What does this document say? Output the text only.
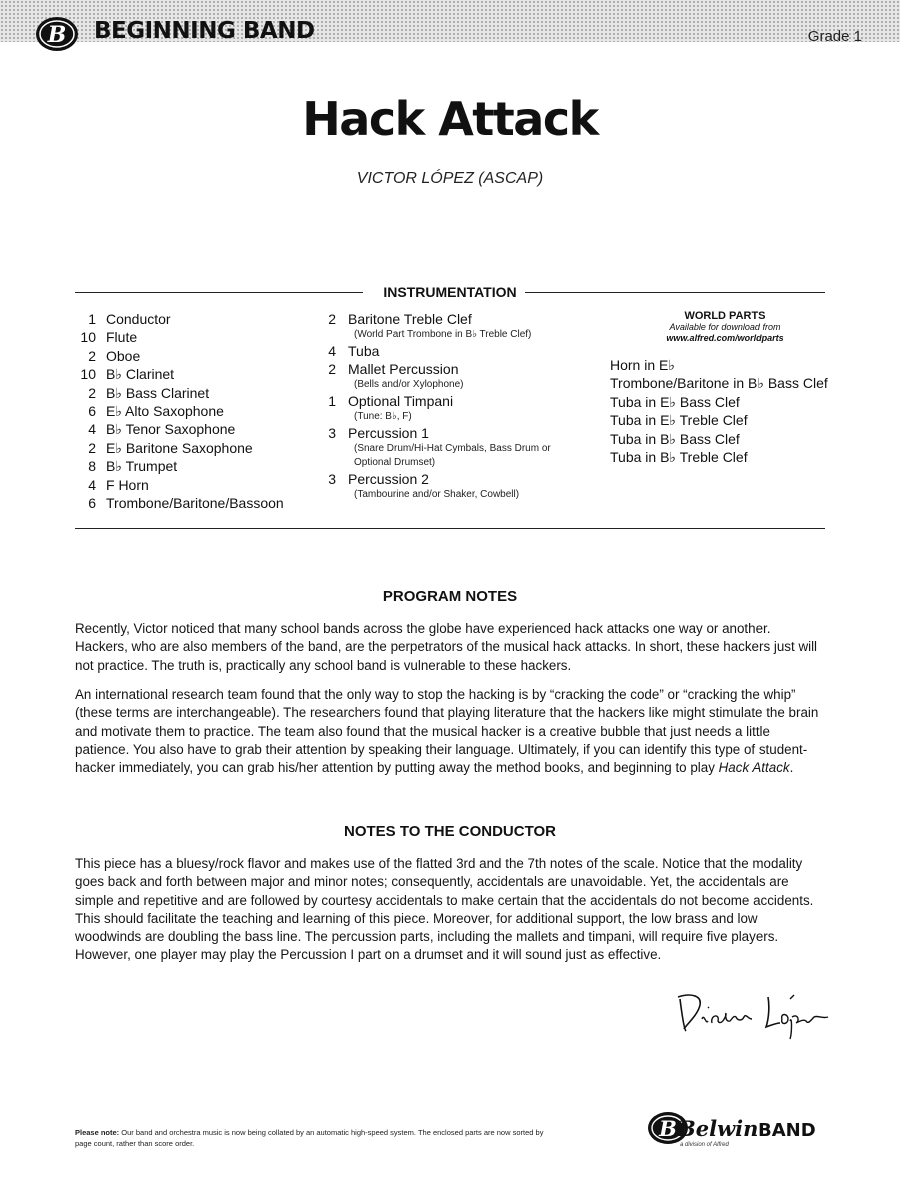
B BEGINNING BAND	Grade 1
Hack Attack
VICTOR LÓPEZ (ASCAP)
INSTRUMENTATION
1 Conductor
10 Flute
2 Oboe
10 B♭ Clarinet
2 B♭ Bass Clarinet
6 E♭ Alto Saxophone
4 B♭ Tenor Saxophone
2 E♭ Baritone Saxophone
8 B♭ Trumpet
4 F Horn
6 Trombone/Baritone/Bassoon
2 Baritone Treble Clef
(World Part Trombone in B♭ Treble Clef)
4 Tuba
2 Mallet Percussion
(Bells and/or Xylophone)
1 Optional Timpani
(Tune: B♭, F)
3 Percussion 1
(Snare Drum/Hi-Hat Cymbals, Bass Drum or Optional Drumset)
3 Percussion 2
(Tambourine and/or Shaker, Cowbell)
WORLD PARTS
Available for download from
www.alfred.com/worldparts
Horn in E♭
Trombone/Baritone in B♭ Bass Clef
Tuba in E♭ Bass Clef
Tuba in E♭ Treble Clef
Tuba in B♭ Bass Clef
Tuba in B♭ Treble Clef
PROGRAM NOTES
Recently, Victor noticed that many school bands across the globe have experienced hack attacks one way or another. Hackers, who are also members of the band, are the perpetrators of the musical hack attacks. In short, these hackers just will not practice. The truth is, practically any school band is vulnerable to these hackers.
An international research team found that the only way to stop the hacking is by “cracking the code” or “cracking the whip” (these terms are interchangeable). The researchers found that playing literature that the hackers like might stimulate the brain and motivate them to practice. The team also found that the musical hacker is a creative bubble that just needs a little patience. You also have to grab their attention by speaking their language. Ultimately, if you can identify this type of student-hacker immediately, you can grab his/her attention by putting away the method books, and beginning to play Hack Attack.
NOTES TO THE CONDUCTOR
This piece has a bluesy/rock flavor and makes use of the flatted 3rd and the 7th notes of the scale. Notice that the modality goes back and forth between major and minor notes; consequently, accidentals are unavoidable. Yet, the accidentals are simple and repetitive and are followed by courtesy accidentals to make certain that the accidentals do not become accidents. This should facilitate the teaching and learning of this piece. Moreover, for additional support, the low brass and low woodwinds are doubling the bass line. The percussion parts, including the mallets and timpani, will require five players. However, one player may play the Percussion I part on a drumset and it will sound just as effective.
Please note: Our band and orchestra music is now being collated by an automatic high-speed system. The enclosed parts are now sorted by page count, rather than score order.
B Belwin BAND
a division of Alfred
